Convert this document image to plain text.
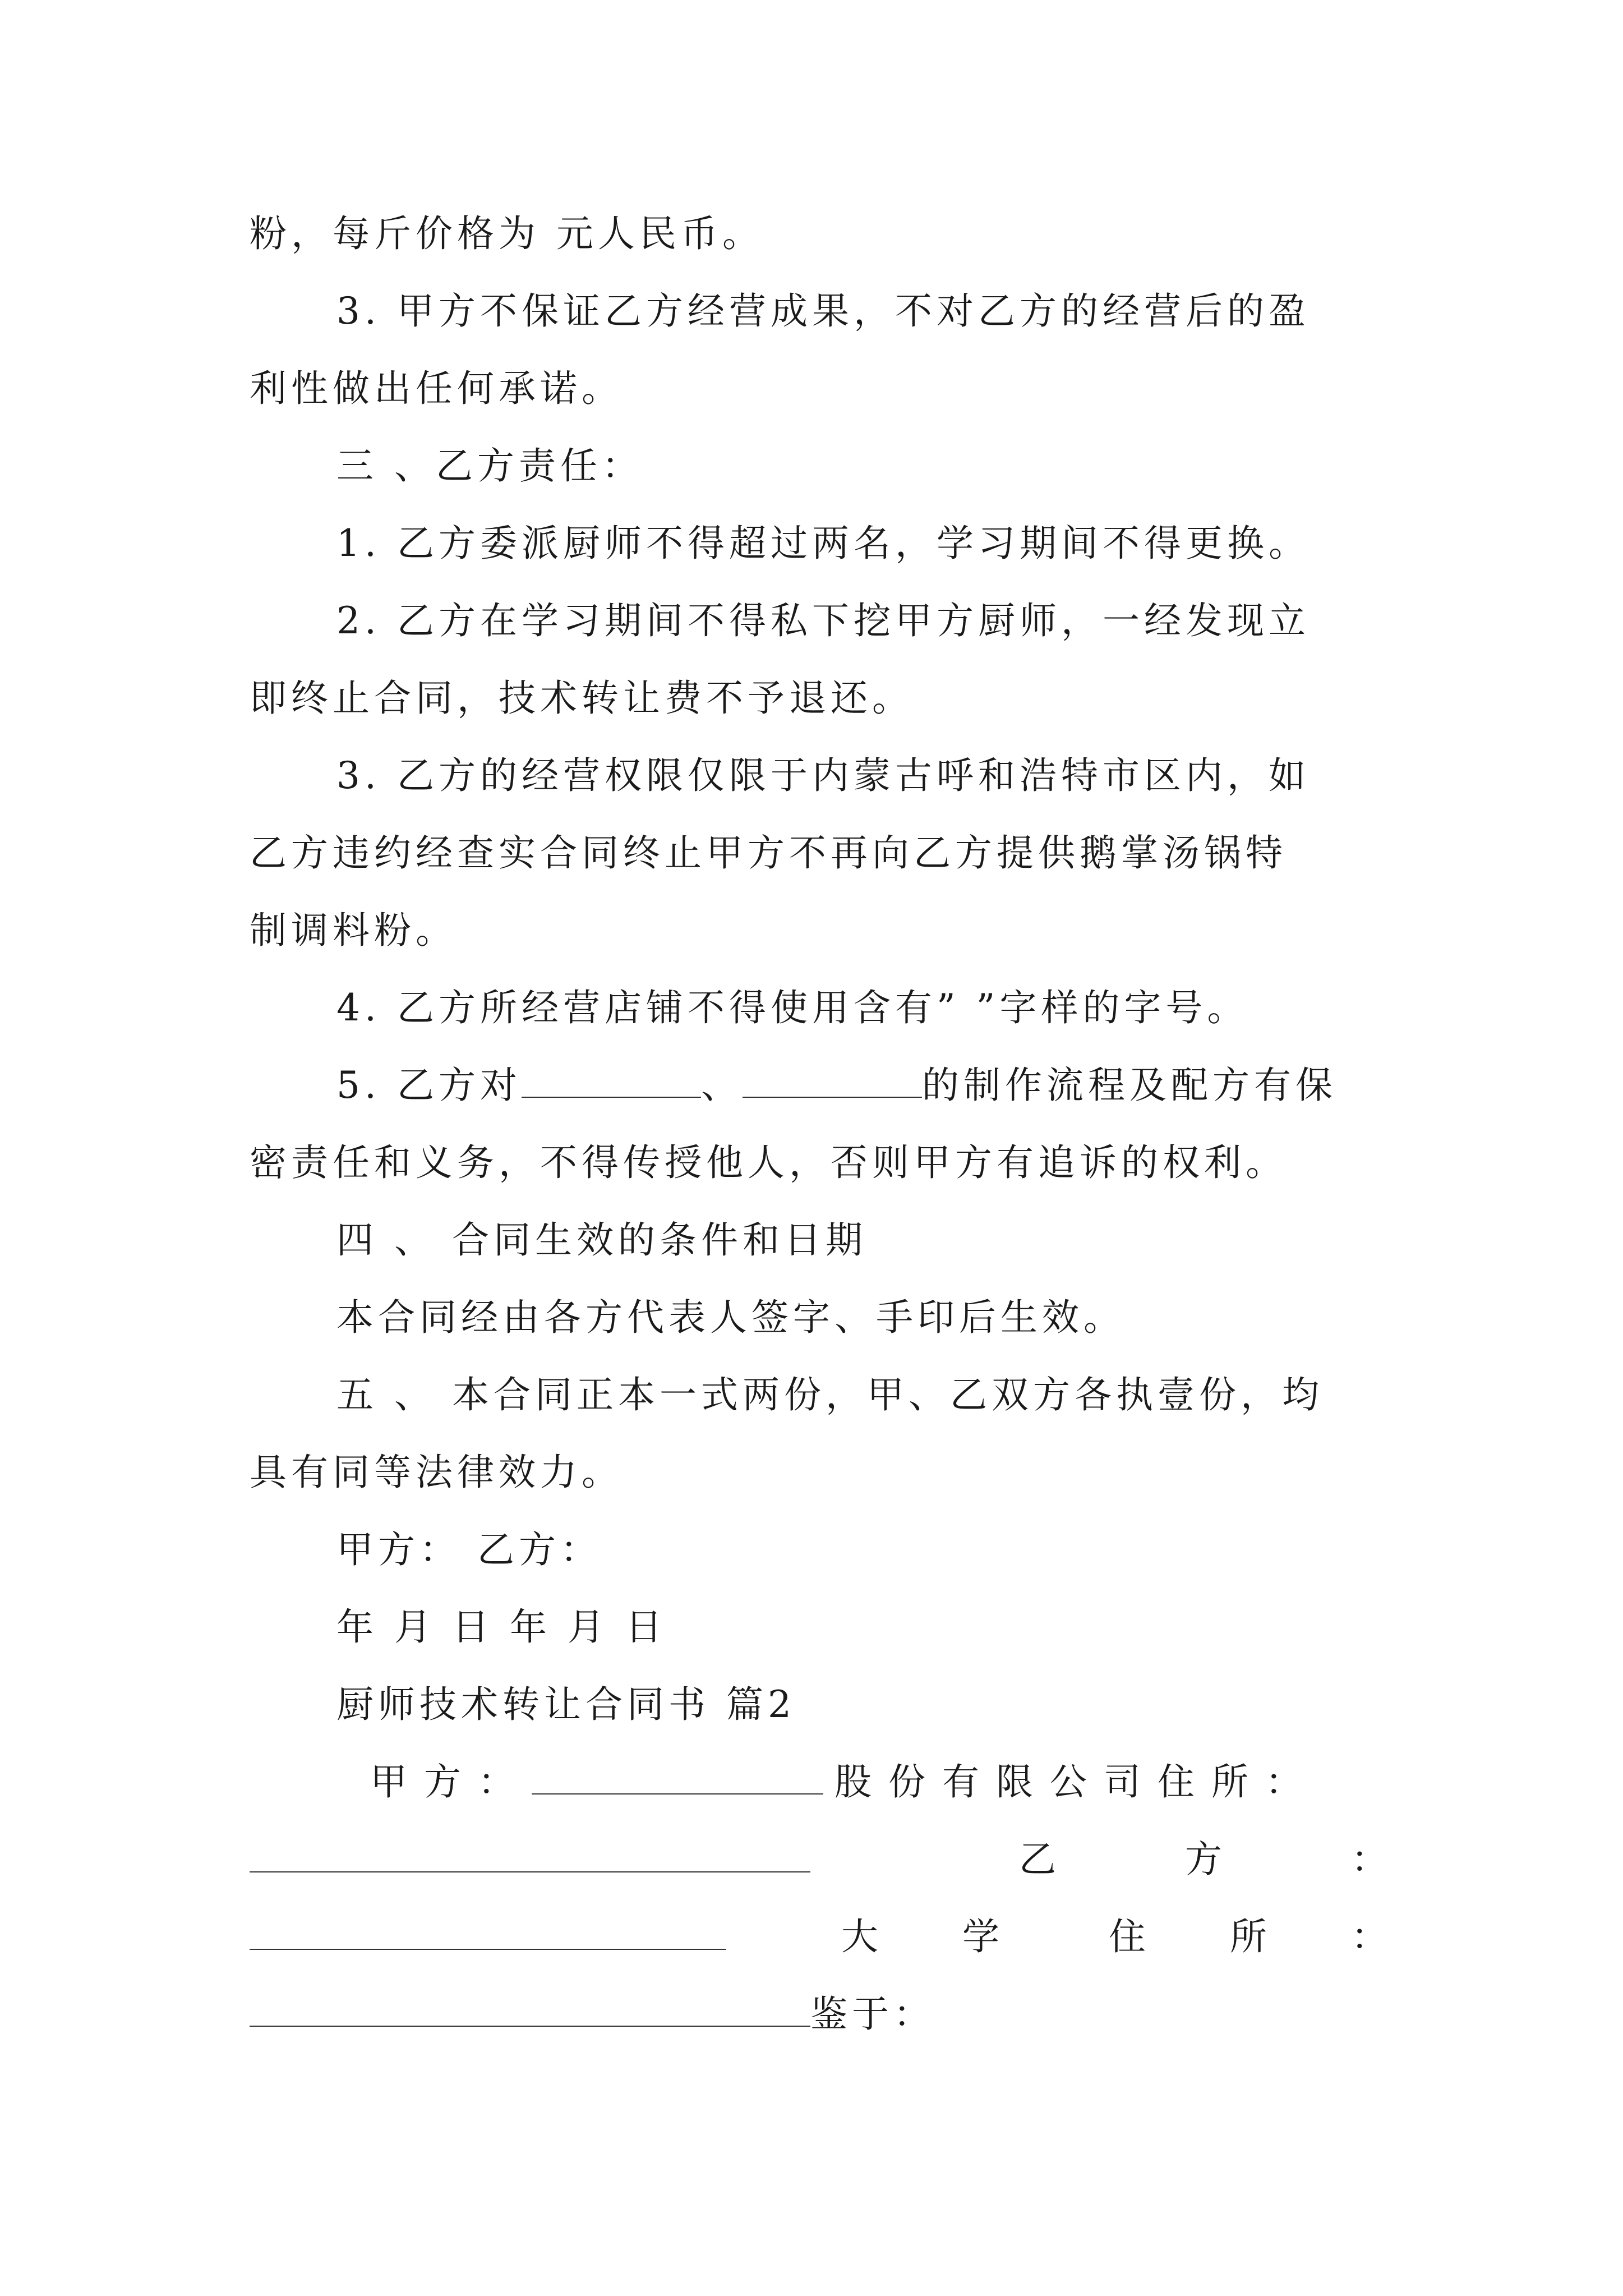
粉，每斤价格为 元人民币。
3. 甲方不保证乙方经营成果，不对乙方的经营后的盈
利性做出任何承诺。
三 、乙方责任：
1. 乙方委派厨师不得超过两名，学习期间不得更换。
2. 乙方在学习期间不得私下挖甲方厨师，一经发现立
即终止合同，技术转让费不予退还。
3. 乙方的经营权限仅限于内蒙古呼和浩特市区内，如
乙方违约经查实合同终止甲方不再向乙方提供鹅掌汤锅特
制调料粉。
4. 乙方所经营店铺不得使用含有” ”字样的字号。
5. 乙方对	、	的制作流程及配方有保
密责任和义务，不得传授他人，否则甲方有追诉的权利。
四 、 合同生效的条件和日期
本合同经由各方代表人签字、手印后生效。
五 、 本合同正本一式两份，甲、乙双方各执壹份，均
具有同等法律效力。
甲方： 乙方：
年 月 日 年 月 日
厨师技术转让合同书 篇2
甲方：	股份有限公司住所：
乙方：
大学 住所：
鉴于：
